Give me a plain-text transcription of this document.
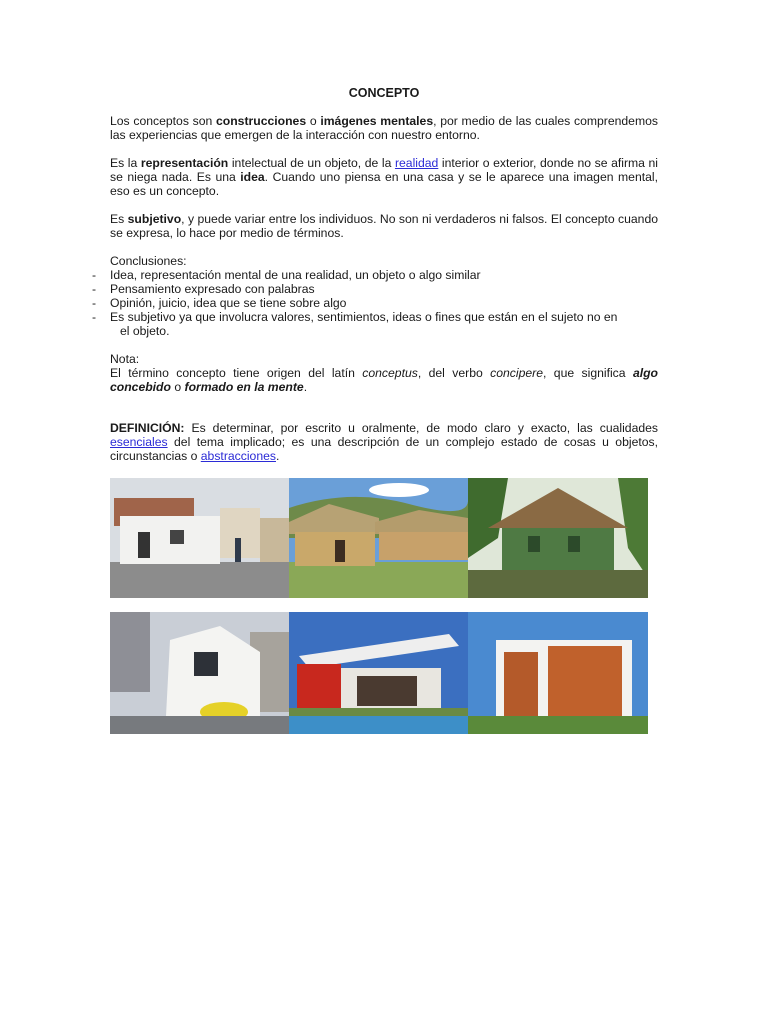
CONCEPTO

Los conceptos son construcciones o imágenes mentales, por medio de las cuales comprendemos las experiencias que emergen de la interacción con nuestro entorno.

Es la representación intelectual de un objeto, de la realidad interior o exterior, donde no se afirma ni se niega nada. Es una idea. Cuando uno piensa en una casa y se le aparece una imagen mental, eso es un concepto.

Es subjetivo, y puede variar entre los individuos. No son ni verdaderos ni falsos. El concepto cuando se expresa, lo hace por medio de términos.

Conclusiones:

- Idea, representación mental de una realidad, un objeto o algo similar
- Pensamiento expresado con palabras
- Opinión, juicio, idea que se tiene sobre algo
- Es subjetivo ya que involucra valores, sentimientos, ideas o fines que están en el sujeto no en
el objeto.

Nota:

El término concepto tiene origen del latín conceptus, del verbo concipere, que significa algo concebido o formado en la mente.

DEFINICIÓN: Es determinar, por escrito u oralmente, de modo claro y exacto, las cualidades esenciales del tema implicado; es una descripción de un complejo estado de cosas u objetos, circunstancias o abstracciones.
